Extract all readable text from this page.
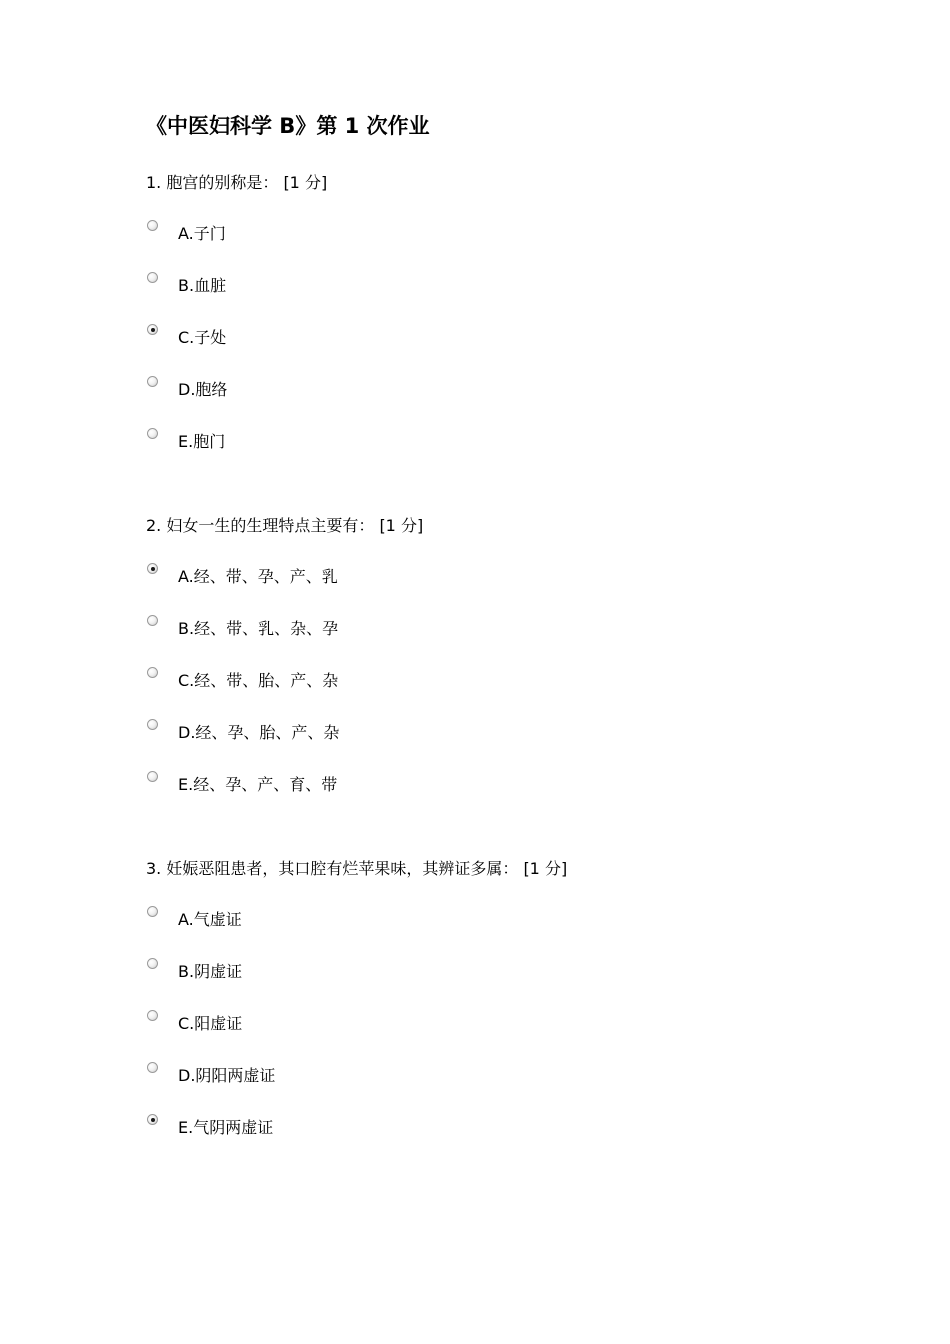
《中医妇科学 B》第 1 次作业
1. 胞宫的别称是： [1 分]
A.子门
B.血脏
C.子处
D.胞络
E.胞门
2. 妇女一生的生理特点主要有： [1 分]
A.经、带、孕、产、乳
B.经、带、乳、杂、孕
C.经、带、胎、产、杂
D.经、孕、胎、产、杂
E.经、孕、产、育、带
3. 妊娠恶阻患者，其口腔有烂苹果味，其辨证多属： [1 分]
A.气虚证
B.阴虚证
C.阳虚证
D.阴阳两虚证
E.气阴两虚证
